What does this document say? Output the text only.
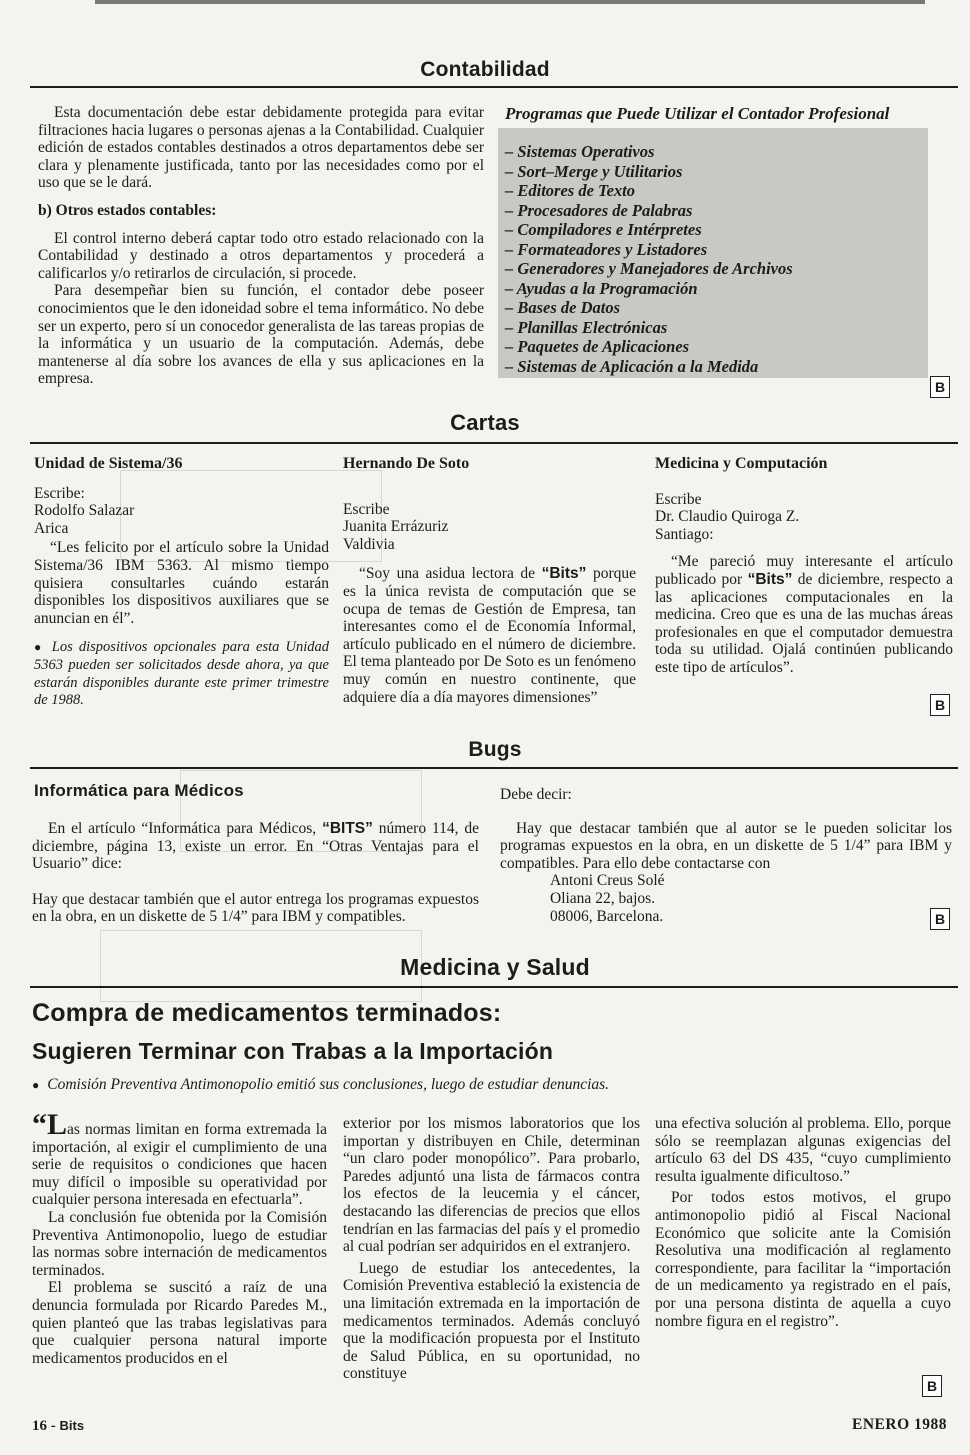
Contabilidad

Esta documentación debe estar debidamente protegida para evitar filtraciones hacia lugares o personas ajenas a la Contabilidad. Cualquier edición de estados contables destinados a otros departamentos debe ser clara y plenamente justificada, tanto por las necesidades como por el uso que se le dará.

b) Otros estados contables:

El control interno deberá captar todo otro estado relacionado con la Contabilidad y destinado a otros departamentos y procederá a calificarlos y/o retirarlos de circulación, si procede.

Para desempeñar bien su función, el contador debe poseer conocimientos que le den idoneidad sobre el tema informático. No debe ser un experto, pero sí un conocedor generalista de las tareas propias de la informática y un usuario de la computación. Además, debe mantenerse al día sobre los avances de ella y sus aplicaciones en la empresa.

Programas que Puede Utilizar el Contador Profesional
– Sistemas Operativos
– Sort–Merge y Utilitarios
– Editores de Texto
– Procesadores de Palabras
– Compiladores e Intérpretes
– Formateadores y Listadores
– Generadores y Manejadores de Archivos
– Ayudas a la Programación
– Bases de Datos
– Planillas Electrónicas
– Paquetes de Aplicaciones
– Sistemas de Aplicación a la Medida
B
Cartas
Unidad de Sistema/36
Escribe:
Rodolfo Salazar
Arica

“Les felicito por el artículo sobre la Unidad Sistema/36 IBM 5363. Al mismo tiempo quisiera consultarles cuándo estarán disponibles los dispositivos auxiliares que se anuncian en él”.

● Los dispositivos opcionales para esta Unidad 5363 pueden ser solicitados desde ahora, ya que estarán disponibles durante este primer trimestre de 1988.

Hernando De Soto
Escribe
Juanita Errázuriz
Valdivia

“Soy una asidua lectora de “Bits” porque es la única revista de computación que se ocupa de temas de Gestión de Empresa, tan interesantes como el de Economía Informal, artículo publicado en el número de diciembre. El tema planteado por De Soto es un fenómeno muy común en nuestro continente, que adquiere día a día mayores dimensiones”

Medicina y Computación
Escribe
Dr. Claudio Quiroga Z.
Santiago:

“Me pareció muy interesante el artículo publicado por “Bits” de diciembre, respecto a las aplicaciones computacionales en la medicina. Creo que es una de las muchas áreas profesionales en que el computador demuestra toda su utilidad. Ojalá continúen publicando este tipo de artículos”.

B
Bugs
Informática para Médicos

En el artículo “Informática para Médicos, “BITS” número 114, de diciembre, página 13, existe un error. En “Otras Ventajas para el Usuario” dice:

Hay que destacar también que el autor entrega los programas expuestos en la obra, en un diskette de 5 1/4” para IBM y compatibles.

Debe decir:

Hay que destacar también que al autor se le pueden solicitar los programas expuestos en la obra, en un diskette de 5 1/4” para IBM y compatibles. Para ello debe contactarse con

Antoni Creus Solé
Oliana 22, bajos.
08006, Barcelona.	B
Medicina y Salud
Compra de medicamentos terminados:
Sugieren Terminar con Trabas a la Importación
● Comisión Preventiva Antimonopolio emitió sus conclusiones, luego de estudiar denuncias.

“Las normas limitan en forma extremada la importación, al exigir el cumplimiento de una serie de requisitos o condiciones que hacen muy difícil o imposible su operatividad por cualquier persona interesada en efectuarla”.

La conclusión fue obtenida por la Comisión Preventiva Antimonopolio, luego de estudiar las normas sobre internación de medicamentos terminados.

El problema se suscitó a raíz de una denuncia formulada por Ricardo Paredes M., quien planteó que las trabas legislativas para que cualquier persona natural importe medicamentos producidos en el

exterior por los mismos laboratorios que los importan y distribuyen en Chile, determinan “un claro poder monopólico”. Para probarlo, Paredes adjuntó una lista de fármacos contra los efectos de la leucemia y el cáncer, destacando las diferencias de precios que ellos tendrían en las farmacias del país y el promedio al cual podrían ser adquiridos en el extranjero.

Luego de estudiar los antecedentes, la Comisión Preventiva estableció la existencia de una limitación extremada en la importación de medicamentos terminados. Además concluyó que la modificación propuesta por el Instituto de Salud Pública, en su oportunidad, no constituye

una efectiva solución al problema. Ello, porque sólo se reemplazan algunas exigencias del artículo 63 del DS 435, “cuyo cumplimiento resulta igualmente dificultoso.”

Por todos estos motivos, el grupo antimonopolio pidió al Fiscal Nacional Económico que solicite ante la Comisión Resolutiva una modificación al reglamento correspondiente, para facilitar la “importación de un medicamento ya registrado en el país, por una persona distinta de aquella a cuyo nombre figura en el registro”.

B
16 - Bits	ENERO 1988
